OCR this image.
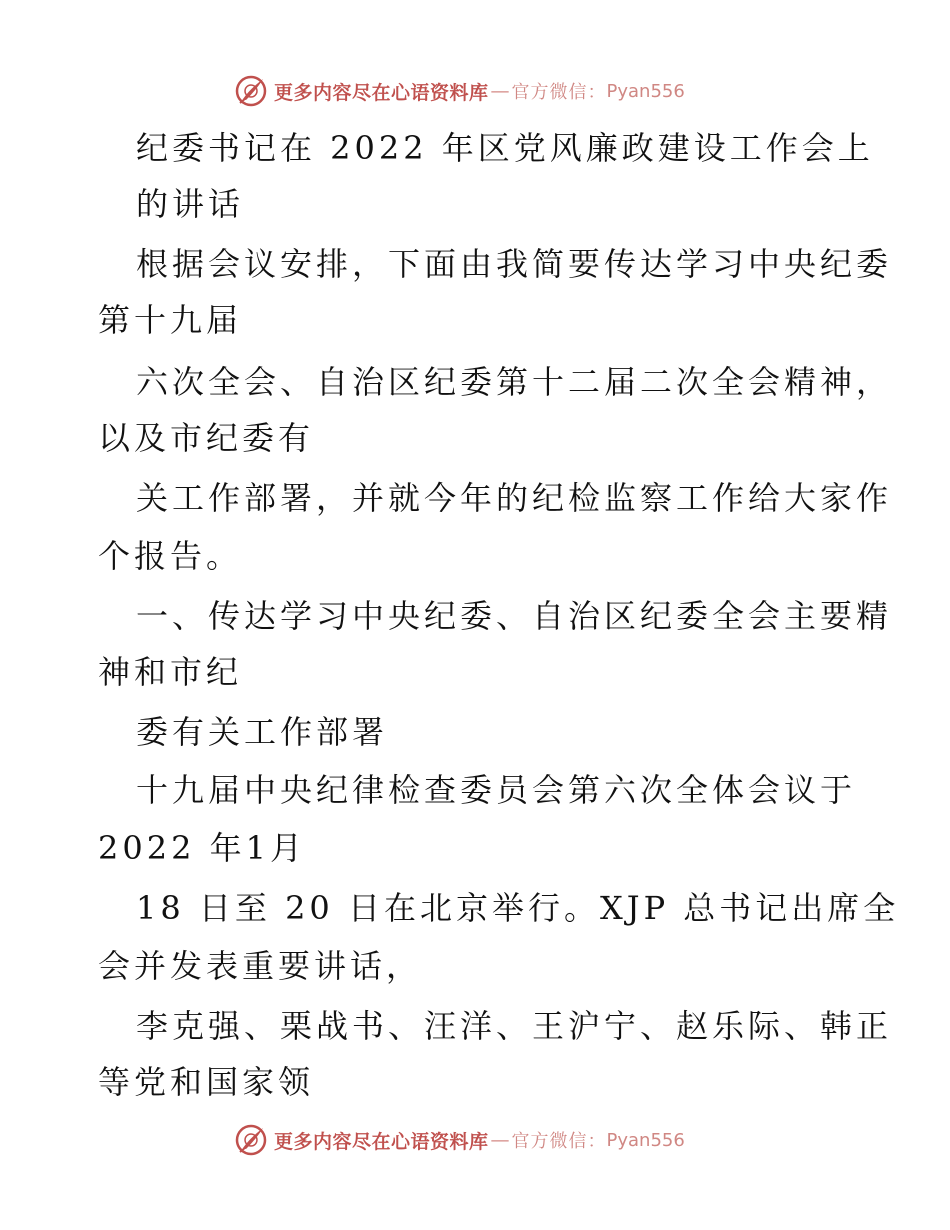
更多内容尽在心语资料库 — 官方微信： Pyan556
纪委书记在 2022 年区党风廉政建设工作会上
的讲话
根据会议安排，下面由我简要传达学习中央纪委
第十九届
六次全会、自治区纪委第十二届二次全会精神，
以及市纪委有
关工作部署，并就今年的纪检监察工作给大家作
个报告。
一、传达学习中央纪委、自治区纪委全会主要精
神和市纪
委有关工作部署
十九届中央纪律检查委员会第六次全体会议于
2022 年1月
18 日至 20 日在北京举行。XJP 总书记出席全
会并发表重要讲话，
李克强、栗战书、汪洋、王沪宁、赵乐际、韩正
等党和国家领
更多内容尽在心语资料库 — 官方微信： Pyan556
